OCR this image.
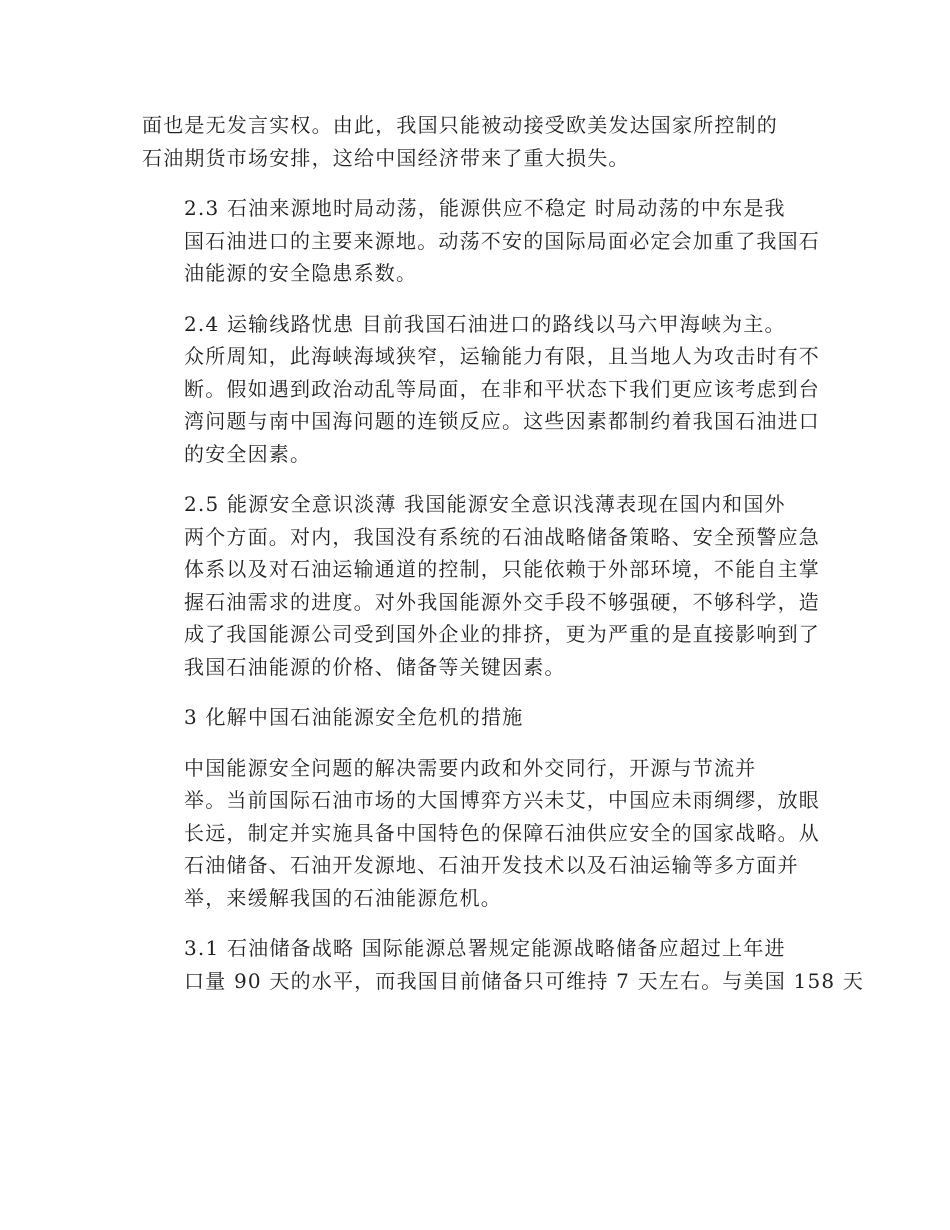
面也是无发言实权。由此，我国只能被动接受欧美发达国家所控制的
石油期货市场安排，这给中国经济带来了重大损失。

2.3 石油来源地时局动荡，能源供应不稳定 时局动荡的中东是我
国石油进口的主要来源地。动荡不安的国际局面必定会加重了我国石
油能源的安全隐患系数。

2.4 运输线路忧患 目前我国石油进口的路线以马六甲海峡为主。
众所周知，此海峡海域狭窄，运输能力有限，且当地人为攻击时有不
断。假如遇到政治动乱等局面，在非和平状态下我们更应该考虑到台
湾问题与南中国海问题的连锁反应。这些因素都制约着我国石油进口
的安全因素。

2.5 能源安全意识淡薄 我国能源安全意识浅薄表现在国内和国外
两个方面。对内，我国没有系统的石油战略储备策略、安全预警应急
体系以及对石油运输通道的控制，只能依赖于外部环境，不能自主掌
握石油需求的进度。对外我国能源外交手段不够强硬，不够科学，造
成了我国能源公司受到国外企业的排挤，更为严重的是直接影响到了
我国石油能源的价格、储备等关键因素。

3 化解中国石油能源安全危机的措施

中国能源安全问题的解决需要内政和外交同行，开源与节流并
举。当前国际石油市场的大国博弈方兴未艾，中国应未雨绸缪，放眼
长远，制定并实施具备中国特色的保障石油供应安全的国家战略。从
石油储备、石油开发源地、石油开发技术以及石油运输等多方面并
举，来缓解我国的石油能源危机。

3.1 石油储备战略 国际能源总署规定能源战略储备应超过上年进
口量 90 天的水平，而我国目前储备只可维持 7 天左右。与美国 158 天
